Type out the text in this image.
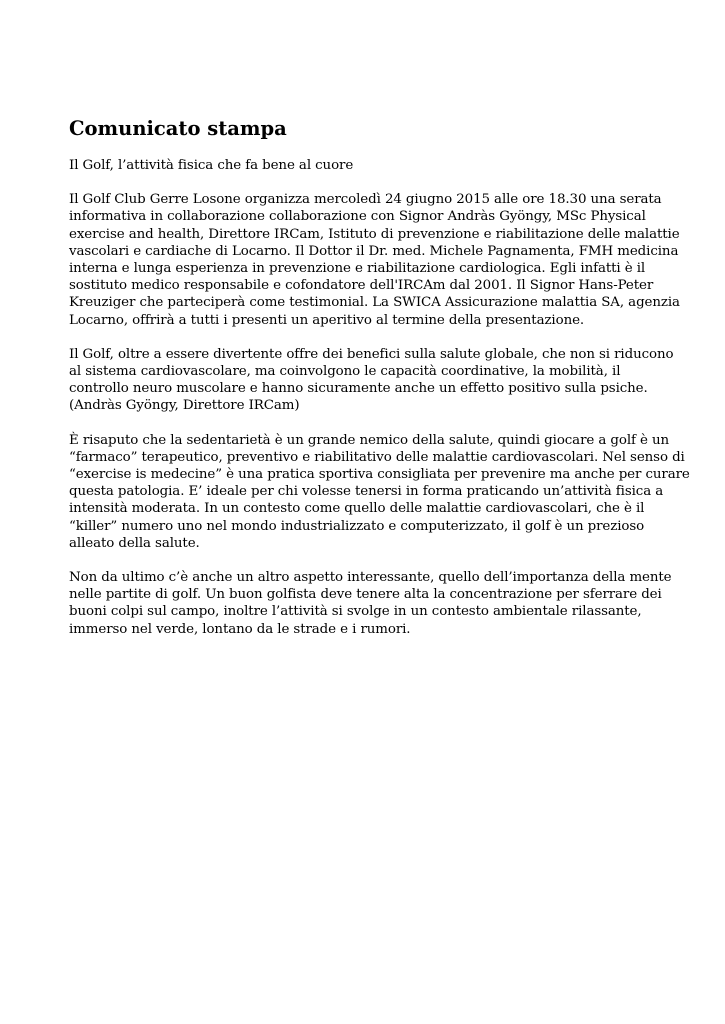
Comunicato stampa

Il Golf, l’attività fisica che fa bene al cuore

Il Golf Club Gerre Losone organizza mercoledì 24 giugno 2015 alle ore 18.30 una serata
informativa in collaborazione collaborazione con Signor Andràs Gyöngy, MSc Physical
exercise and health, Direttore IRCam, Istituto di prevenzione e riabilitazione delle malattie
vascolari e cardiache di Locarno. Il Dottor il Dr. med. Michele Pagnamenta, FMH medicina
interna e lunga esperienza in prevenzione e riabilitazione cardiologica. Egli infatti è il
sostituto medico responsabile e cofondatore dell'IRCAm dal 2001. Il Signor Hans-Peter
Kreuziger che parteciperà come testimonial. La SWICA Assicurazione malattia SA, agenzia
Locarno, offrirà a tutti i presenti un aperitivo al termine della presentazione.

Il Golf, oltre a essere divertente offre dei benefici sulla salute globale, che non si riducono
al sistema cardiovascolare, ma coinvolgono le capacità coordinative, la mobilità, il
controllo neuro muscolare e hanno sicuramente anche un effetto positivo sulla psiche.
(Andràs Gyöngy, Direttore IRCam)

È risaputo che la sedentarietà è un grande nemico della salute, quindi giocare a golf è un
“farmaco” terapeutico, preventivo e riabilitativo delle malattie cardiovascolari. Nel senso di
“exercise is medecine” è una pratica sportiva consigliata per prevenire ma anche per curare
questa patologia. E’ ideale per chi volesse tenersi in forma praticando un’attività fisica a
intensità moderata. In un contesto come quello delle malattie cardiovascolari, che è il
“killer” numero uno nel mondo industrializzato e computerizzato, il golf è un prezioso
alleato della salute.

Non da ultimo c’è anche un altro aspetto interessante, quello dell’importanza della mente
nelle partite di golf. Un buon golfista deve tenere alta la concentrazione per sferrare dei
buoni colpi sul campo, inoltre l’attività si svolge in un contesto ambientale rilassante,
immerso nel verde, lontano da le strade e i rumori.
